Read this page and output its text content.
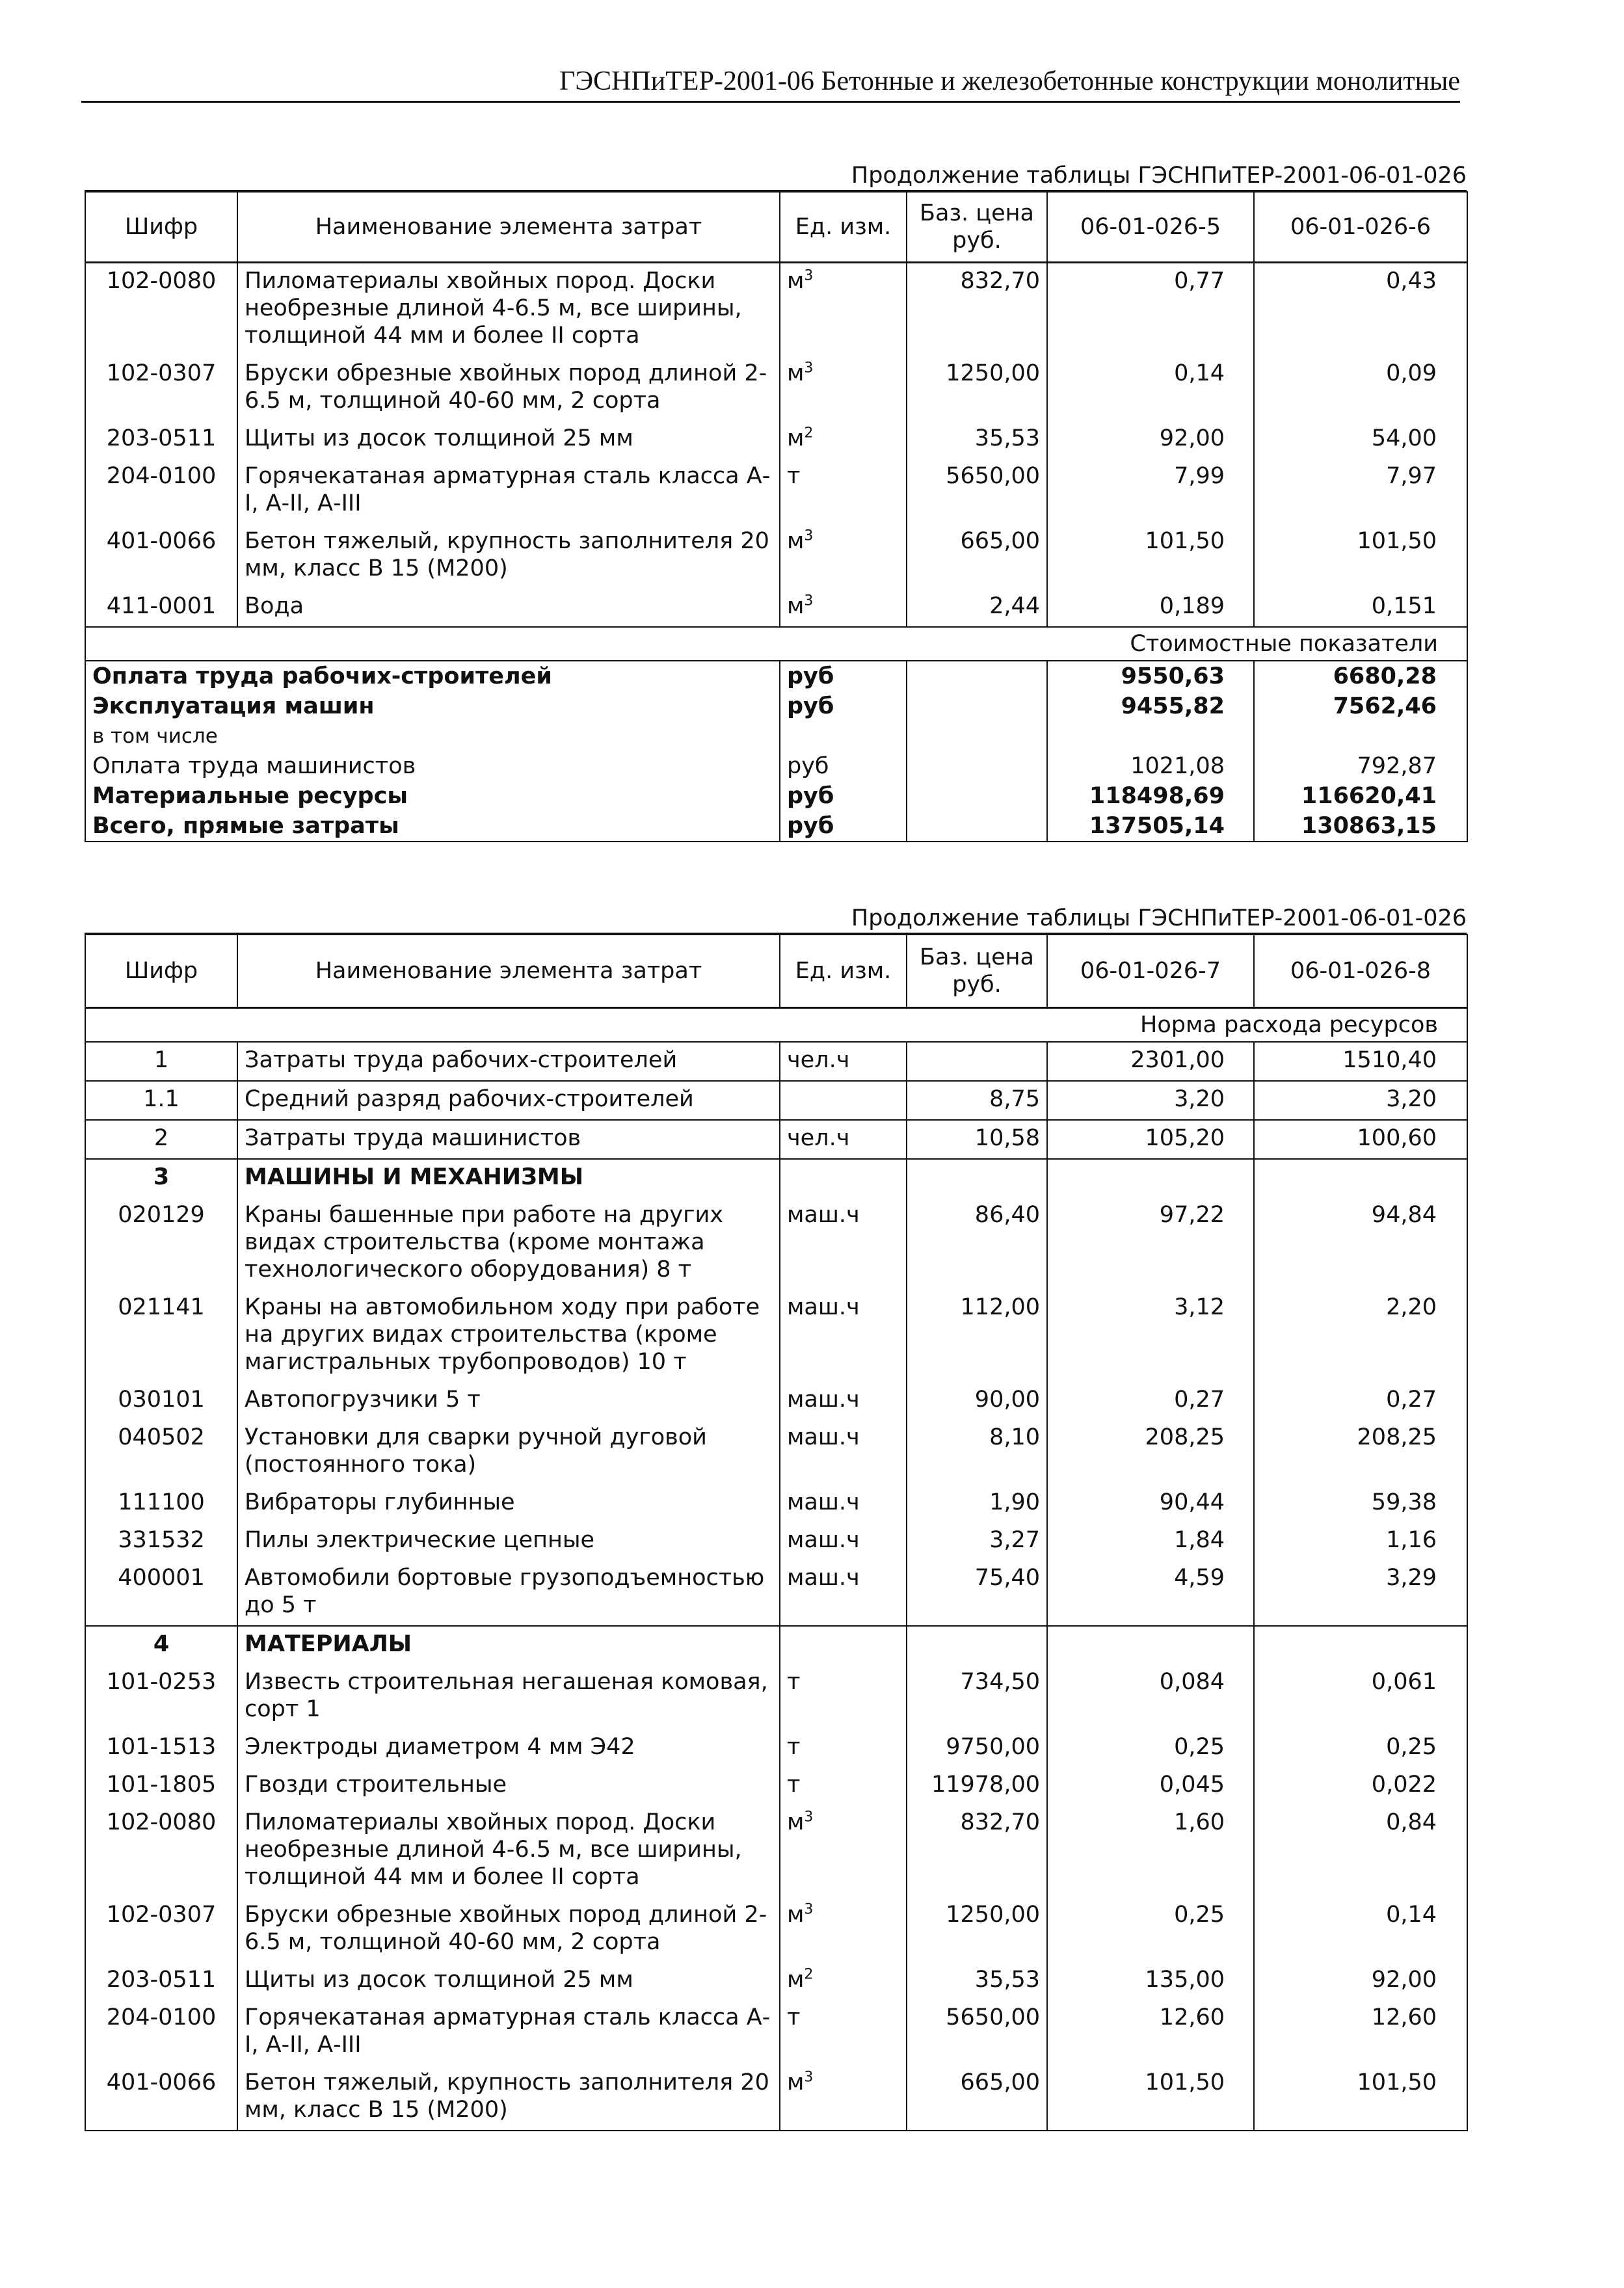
ГЭСНПиТЕР-2001-06 Бетонные и железобетонные конструкции монолитные
Продолжение таблицы ГЭСНПиТЕР-2001-06-01-026
Шифр	Наименование элемента затрат	Ед. изм.	Баз. цена руб.	06-01-026-5	06-01-026-6
102-0080	Пиломатериалы хвойных пород. Доски необрезные длиной 4-6.5 м, все ширины, толщиной 44 мм и более II сорта	$м^3$	832,70	0,77	0,43
102-0307	Бруски обрезные хвойных пород длиной 2-6.5 м, толщиной 40-60 мм, 2 сорта	$м^3$	1250,00	0,14	0,09
203-0511	Щиты из досок толщиной 25 мм	$м^2$	35,53	92,00	54,00
204-0100	Горячекатаная арматурная сталь класса А-I, А-II, А-III	т	5650,00	7,99	7,97
401-0066	Бетон тяжелый, крупность заполнителя 20 мм, класс В 15 (М200)	$м^3$	665,00	101,50	101,50
411-0001	Вода	$м^3$	2,44	0,189	0,151
Стоимостные показатели					
Оплата труда рабочих-строителей		руб		9550,63	6680,28
Эксплуатация машин		руб		9455,82	7562,46
в том числе					
Оплата труда машинистов		руб		1021,08	792,87
Материальные ресурсы		руб		118498,69	116620,41
Всего, прямые затраты		руб		137505,14	130863,15
Продолжение таблицы ГЭСНПиТЕР-2001-06-01-026
Шифр	Наименование элемента затрат	Ед. изм.	Баз. цена руб.	06-01-026-7	06-01-026-8
Норма расхода ресурсов					
1	Затраты труда рабочих-строителей	чел.ч		2301,00	1510,40
1.1	Средний разряд рабочих-строителей		8,75	3,20	3,20
2	Затраты труда машинистов	чел.ч	10,58	105,20	100,60
3	МАШИНЫ И МЕХАНИЗМЫ				
020129	Краны башенные при работе на других видах строительства (кроме монтажа технологического оборудования) 8 т	маш.ч	86,40	97,22	94,84
021141	Краны на автомобильном ходу при работе на других видах строительства (кроме магистральных трубопроводов) 10 т	маш.ч	112,00	3,12	2,20
030101	Автопогрузчики 5 т	маш.ч	90,00	0,27	0,27
040502	Установки для сварки ручной дуговой (постоянного тока)	маш.ч	8,10	208,25	208,25
111100	Вибраторы глубинные	маш.ч	1,90	90,44	59,38
331532	Пилы электрические цепные	маш.ч	3,27	1,84	1,16
400001	Автомобили бортовые грузоподъемностью до 5 т	маш.ч	75,40	4,59	3,29
4	МАТЕРИАЛЫ				
101-0253	Известь строительная негашеная комовая, сорт 1	т	734,50	0,084	0,061
101-1513	Электроды диаметром 4 мм Э42	т	9750,00	0,25	0,25
101-1805	Гвозди строительные	т	11978,00	0,045	0,022
102-0080	Пиломатериалы хвойных пород. Доски необрезные длиной 4-6.5 м, все ширины, толщиной 44 мм и более II сорта	$м^3$	832,70	1,60	0,84
102-0307	Бруски обрезные хвойных пород длиной 2-6.5 м, толщиной 40-60 мм, 2 сорта	$м^3$	1250,00	0,25	0,14
203-0511	Щиты из досок толщиной 25 мм	$м^2$	35,53	135,00	92,00
204-0100	Горячекатаная арматурная сталь класса А-I, А-II, А-III	т	5650,00	12,60	12,60
401-0066	Бетон тяжелый, крупность заполнителя 20 мм, класс В 15 (М200)	$м^3$	665,00	101,50	101,50
